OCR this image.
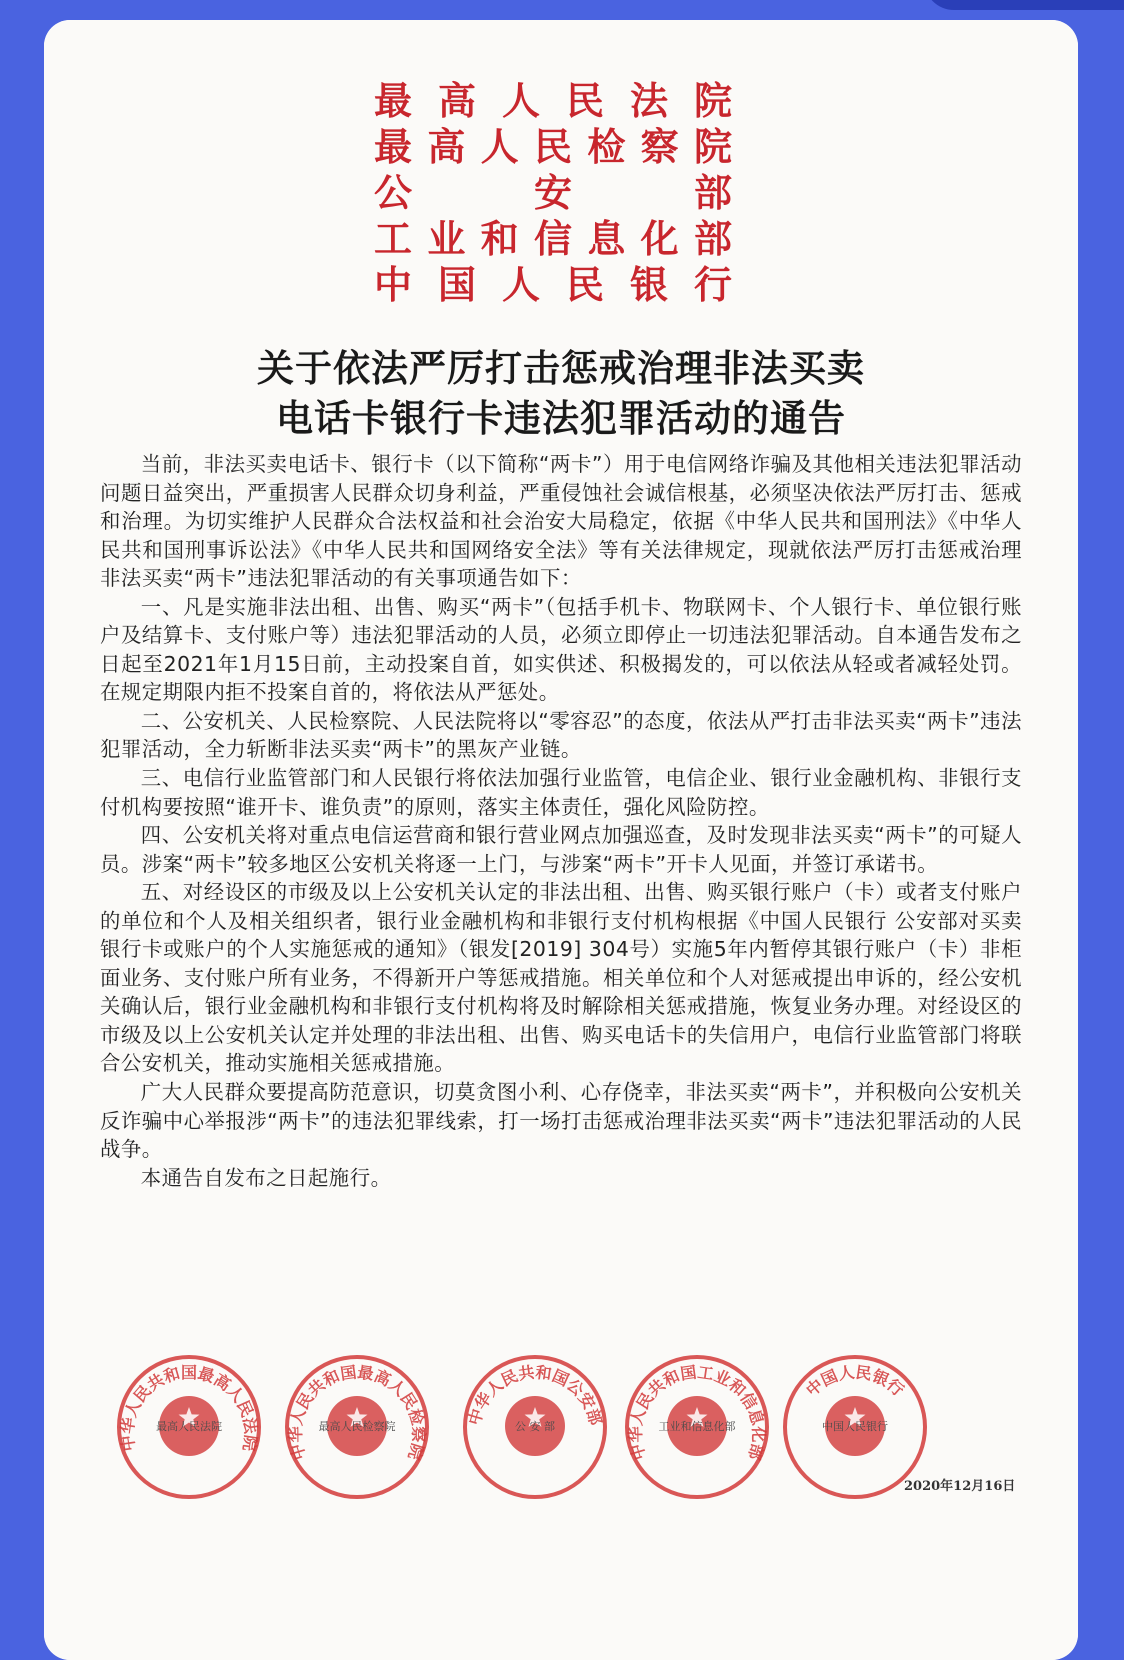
最高人民法院
最高人民检察院
公安部
工业和信息化部
中国人民银行
关于依法严厉打击惩戒治理非法买卖
电话卡银行卡违法犯罪活动的通告

当前，非法买卖电话卡、银行卡（以下简称“两卡”）用于电信网络诈骗及其他相关违法犯罪活动问题日益突出，严重损害人民群众切身利益，严重侵蚀社会诚信根基，必须坚决依法严厉打击、惩戒和治理。为切实维护人民群众合法权益和社会治安大局稳定，依据《中华人民共和国刑法》《中华人民共和国刑事诉讼法》《中华人民共和国网络安全法》等有关法律规定，现就依法严厉打击惩戒治理非法买卖“两卡”违法犯罪活动的有关事项通告如下：

一、凡是实施非法出租、出售、购买“两卡”（包括手机卡、物联网卡、个人银行卡、单位银行账户及结算卡、支付账户等）违法犯罪活动的人员，必须立即停止一切违法犯罪活动。自本通告发布之日起至2021年1月15日前，主动投案自首，如实供述、积极揭发的，可以依法从轻或者减轻处罚。在规定期限内拒不投案自首的，将依法从严惩处。

二、公安机关、人民检察院、人民法院将以“零容忍”的态度，依法从严打击非法买卖“两卡”违法犯罪活动，全力斩断非法买卖“两卡”的黑灰产业链。

三、电信行业监管部门和人民银行将依法加强行业监管，电信企业、银行业金融机构、非银行支付机构要按照“谁开卡、谁负责”的原则，落实主体责任，强化风险防控。

四、公安机关将对重点电信运营商和银行营业网点加强巡查，及时发现非法买卖“两卡”的可疑人员。涉案“两卡”较多地区公安机关将逐一上门，与涉案“两卡”开卡人见面，并签订承诺书。

五、对经设区的市级及以上公安机关认定的非法出租、出售、购买银行账户（卡）或者支付账户的单位和个人及相关组织者，银行业金融机构和非银行支付机构根据《中国人民银行 公安部对买卖银行卡或账户的个人实施惩戒的通知》（银发[2019] 304号）实施5年内暂停其银行账户（卡）非柜面业务、支付账户所有业务，不得新开户等惩戒措施。相关单位和个人对惩戒提出申诉的，经公安机关确认后，银行业金融机构和非银行支付机构将及时解除相关惩戒措施，恢复业务办理。对经设区的市级及以上公安机关认定并处理的非法出租、出售、购买电话卡的失信用户，电信行业监管部门将联合公安机关，推动实施相关惩戒措施。

广大人民群众要提高防范意识，切莫贪图小利、心存侥幸，非法买卖“两卡”，并积极向公安机关反诈骗中心举报涉“两卡”的违法犯罪线索，打一场打击惩戒治理非法买卖“两卡”违法犯罪活动的人民战争。

本通告自发布之日起施行。

中华人民共和国最高人民法院
最高人民法院
中华人民共和国最高人民检察院
最高人民检察院	中华人民共和国公安部
公 安 部
中华人民共和国工业和信息化部
工业和信息化部
中国人民银行
中国人民银行
2020年12月16日
